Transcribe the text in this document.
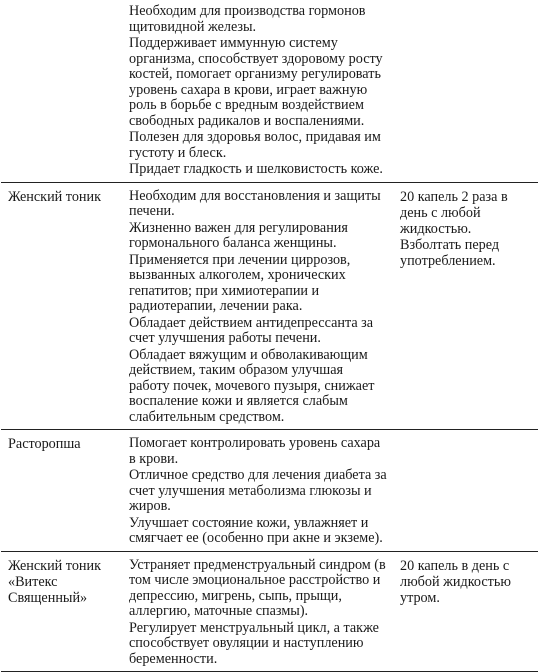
	Необходим для производства гормонов щитовидной железы.

Поддерживает иммунную систему организма, способствует здоровому росту костей, помогает организму регулировать уровень сахара в крови, играет важную роль в борьбе с вредным воздействием свободных радикалов и воспалениями.

Полезен для здоровья волос, придавая им густоту и блеск.

Придает гладкость и шелковистость коже.	

Женский тоник	Необходим для восстановления и защиты печени.

Жизненно важен для регулирования гормонального баланса женщины.

Применяется при лечении циррозов, вызванных алкоголем, хронических гепатитов; при химиотерапии и радиотерапии, лечении рака.

Обладает действием антидепрессанта за счет улучшения работы печени.

Обладает вяжущим и обволакивающим действием, таким образом улучшая работу почек, мочевого пузыря, снижает воспаление кожи и является слабым слабительным средством.	20 капель 2 раза в день с любой жидкостью. Взболтать перед употреблением.
Расторопша	Помогает контролировать уровень сахара в крови.

Отличное средство для лечения диабета за счет улучшения метаболизма глюкозы и жиров.

Улучшает состояние кожи, увлажняет и смягчает ее (особенно при акне и экземе).	

Женский тоник «Витекс Священный»	Устраняет предменструальный синдром (в том числе эмоциональное расстройство и депрессию, мигрень, сыпь, прыщи, аллергию, маточные спазмы).

Регулирует менструальный цикл, а также способствует овуляции и наступлению беременности.	20 капель в день с любой жидкостью утром.
